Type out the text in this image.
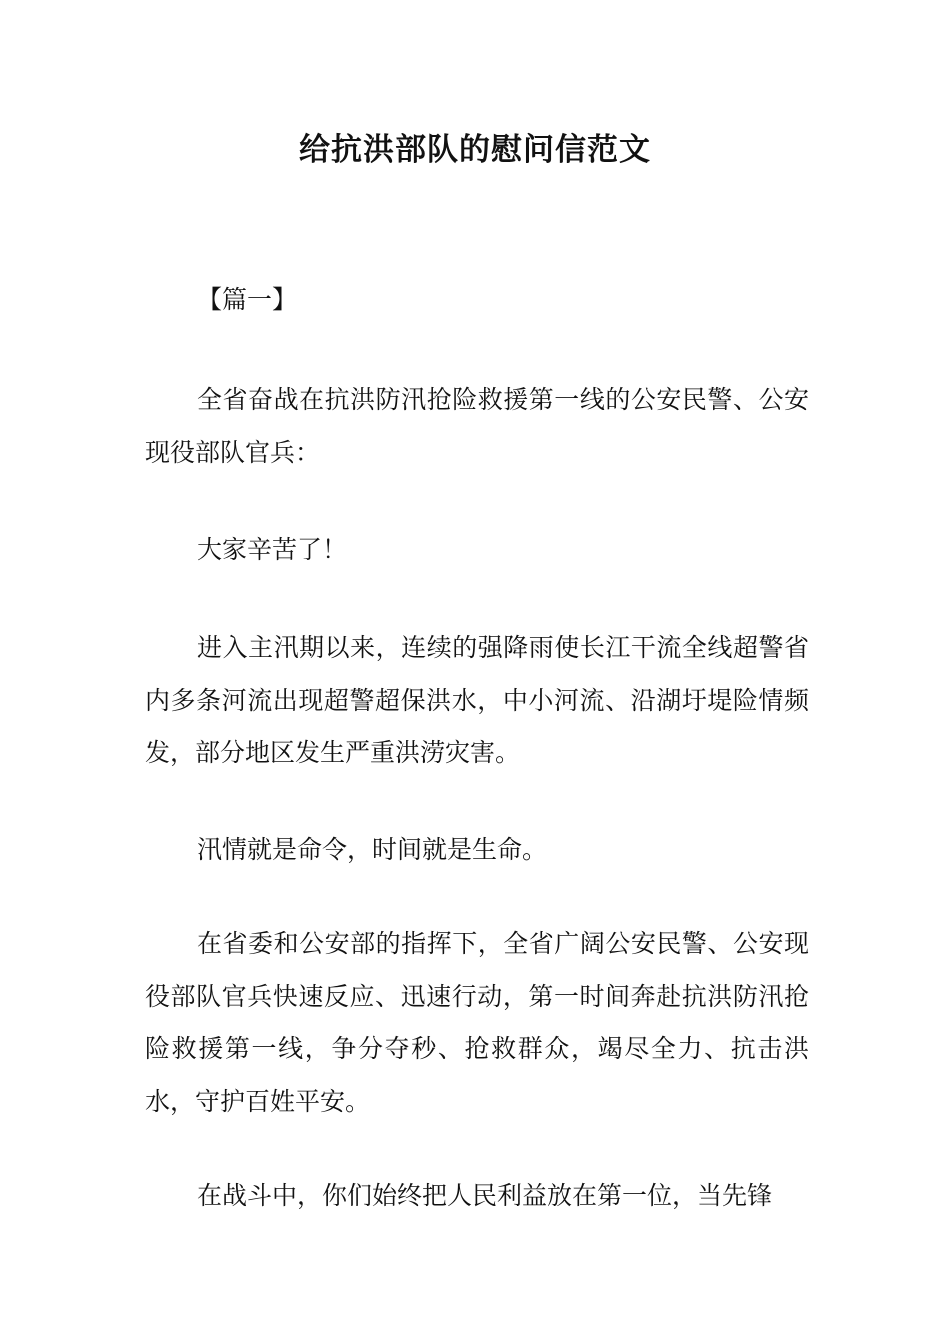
给抗洪部队的慰问信范文

【篇一】

全省奋战在抗洪防汛抢险救援第一线的公安民警、公安现役部队官兵：

大家辛苦了！

进入主汛期以来，连续的强降雨使长江干流全线超警省内多条河流出现超警超保洪水，中小河流、沿湖圩堤险情频发，部分地区发生严重洪涝灾害。

汛情就是命令，时间就是生命。

在省委和公安部的指挥下，全省广阔公安民警、公安现役部队官兵快速反应、迅速行动，第一时间奔赴抗洪防汛抢险救援第一线，争分夺秒、抢救群众，竭尽全力、抗击洪水，守护百姓平安。

在战斗中，你们始终把人民利益放在第一位，当先锋
